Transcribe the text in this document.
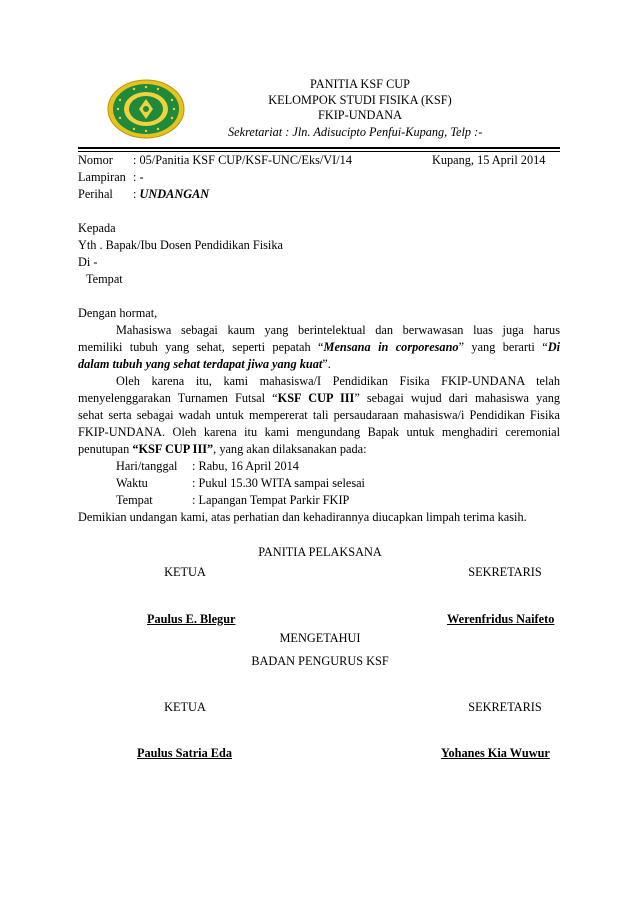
PANITIA KSF CUP
KELOMPOK STUDI FISIKA (KSF)
FKIP-UNDANA
Sekretariat : Jln. Adisucipto Penfui-Kupang, Telp :-
Nomor : 05/Panitia KSF CUP/KSF-UNC/Eks/VI/14	Kupang, 15 April 2014
Lampiran : -
Perihal : UNDANGAN
Kepada
Yth . Bapak/Ibu Dosen Pendidikan Fisika
Di -
Tempat
Dengan hormat,
Mahasiswa sebagai kaum yang berintelektual dan berwawasan luas juga harus
memiliki tubuh yang sehat, seperti pepatah “Mensana in corporesano” yang berarti “Di
dalam tubuh yang sehat terdapat jiwa yang kuat”.
Oleh karena itu, kami mahasiswa/I Pendidikan Fisika FKIP-UNDANA telah
menyelenggarakan Turnamen Futsal “KSF CUP III” sebagai wujud dari mahasiswa yang
sehat serta sebagai wadah untuk mempererat tali persaudaraan mahasiswa/i Pendidikan Fisika
FKIP-UNDANA. Oleh karena itu kami mengundang Bapak untuk menghadiri ceremonial
penutupan “KSF CUP III”, yang akan dilaksanakan pada:
Hari/tanggal : Rabu, 16 April 2014
Waktu	: Pukul 15.30 WITA sampai selesai
Tempat	: Lapangan Tempat Parkir FKIP
Demikian undangan kami, atas perhatian dan kehadirannya diucapkan limpah terima kasih.
PANITIA PELAKSANA
KETUA	SEKRETARIS
Paulus E. Blegur	Werenfridus Naifeto
MENGETAHUI
BADAN PENGURUS KSF
KETUA	SEKRETARIS
Paulus Satria Eda	Yohanes Kia Wuwur
